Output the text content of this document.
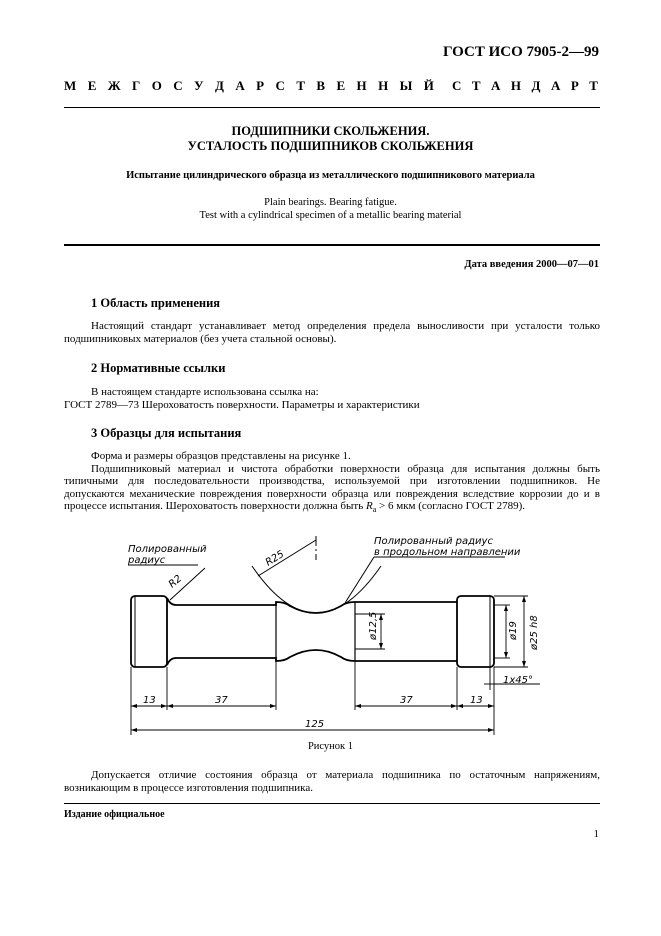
ГОСТ ИСО 7905-2—99
М Е Ж Г О С У Д А Р С Т В Е Н Н Ы Й С Т А Н Д А Р Т
ПОДШИПНИКИ СКОЛЬЖЕНИЯ.
УСТАЛОСТЬ ПОДШИПНИКОВ СКОЛЬЖЕНИЯ
Испытание цилиндрического образца из металлического подшипникового материала
Plain bearings. Bearing fatigue.
Test with a cylindrical specimen of a metallic bearing material
Дата введения 2000—07—01
1 Область применения
Настоящий стандарт устанавливает метод определения предела выносливости при усталости только подшипниковых материалов (без учета стальной основы).
2 Нормативные ссылки
В настоящем стандарте использована ссылка на:
ГОСТ 2789—73 Шероховатость поверхности. Параметры и характеристики
3 Образцы для испытания
Форма и размеры образцов представлены на рисунке 1.
Подшипниковый материал и чистота обработки поверхности образца для испытания должны быть типичными для последовательности производства, используемой при изготовлении подшипников. Не допускаются механические повреждения поверхности образца или повреждения вследствие коррозии до и в процессе испытания. Шероховатость поверхности должна быть $R_a > 6$ мкм (согласно ГОСТ 2789).
Полированный
радиус
Полированный радиус
в продольном направлении
R2
R25
ø12,5	ø19 ø25 h8
1x45°
13	37	37	13
125
Рисунок 1
Допускается отличие состояния образца от материала подшипника по остаточным напряжениям, возникающим в процессе изготовления подшипника.
Издание официальное
1
